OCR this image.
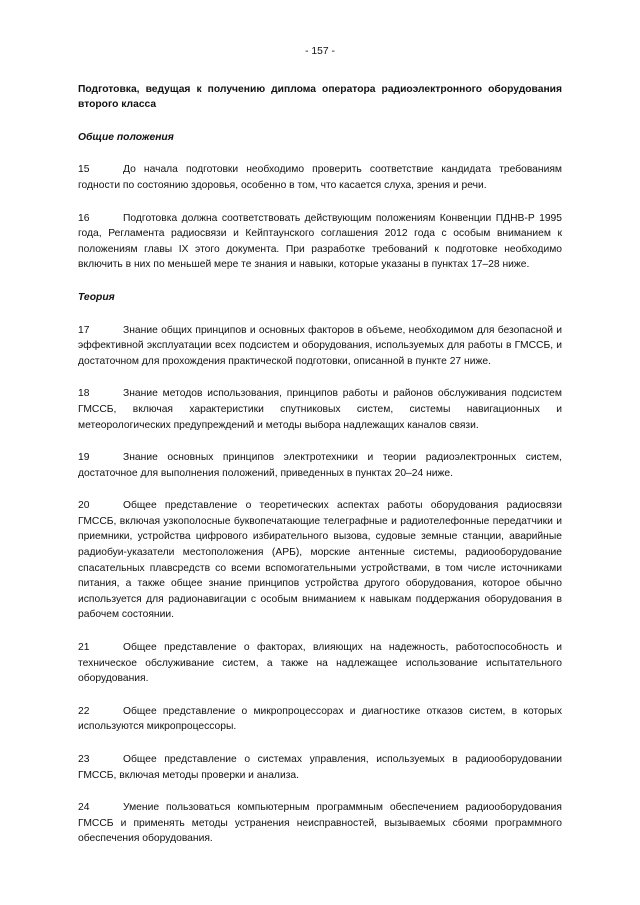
- 157 -
Подготовка, ведущая к получению диплома оператора радиоэлектронного оборудования второго класса
Общие положения
15	До начала подготовки необходимо проверить соответствие кандидата требованиям годности по состоянию здоровья, особенно в том, что касается слуха, зрения и речи.
16	Подготовка должна соответствовать действующим положениям Конвенции ПДНВ-Р 1995 года, Регламента радиосвязи и Кейптаунского соглашения 2012 года с особым вниманием к положениям главы IX этого документа. При разработке требований к подготовке необходимо включить в них по меньшей мере те знания и навыки, которые указаны в пунктах 17–28 ниже.
Теория
17	Знание общих принципов и основных факторов в объеме, необходимом для безопасной и эффективной эксплуатации всех подсистем и оборудования, используемых для работы в ГМССБ, и достаточном для прохождения практической подготовки, описанной в пункте 27 ниже.
18	Знание методов использования, принципов работы и районов обслуживания подсистем ГМССБ, включая характеристики спутниковых систем, системы навигационных и метеорологических предупреждений и методы выбора надлежащих каналов связи.
19	Знание основных принципов электротехники и теории радиоэлектронных систем, достаточное для выполнения положений, приведенных в пунктах 20–24 ниже.
20	Общее представление о теоретических аспектах работы оборудования радиосвязи ГМССБ, включая узкополосные буквопечатающие телеграфные и радиотелефонные передатчики и приемники, устройства цифрового избирательного вызова, судовые земные станции, аварийные радиобуи-указатели местоположения (АРБ), морские антенные системы, радиооборудование спасательных плавсредств со всеми вспомогательными устройствами, в том числе источниками питания, а также общее знание принципов устройства другого оборудования, которое обычно используется для радионавигации с особым вниманием к навыкам поддержания оборудования в рабочем состоянии.
21	Общее представление о факторах, влияющих на надежность, работоспособность и техническое обслуживание систем, а также на надлежащее использование испытательного оборудования.
22	Общее представление о микропроцессорах и диагностике отказов систем, в которых используются микропроцессоры.
23	Общее представление о системах управления, используемых в радиооборудовании ГМССБ, включая методы проверки и анализа.
24	Умение пользоваться компьютерным программным обеспечением радиооборудования ГМССБ и применять методы устранения неисправностей, вызываемых сбоями программного обеспечения оборудования.
